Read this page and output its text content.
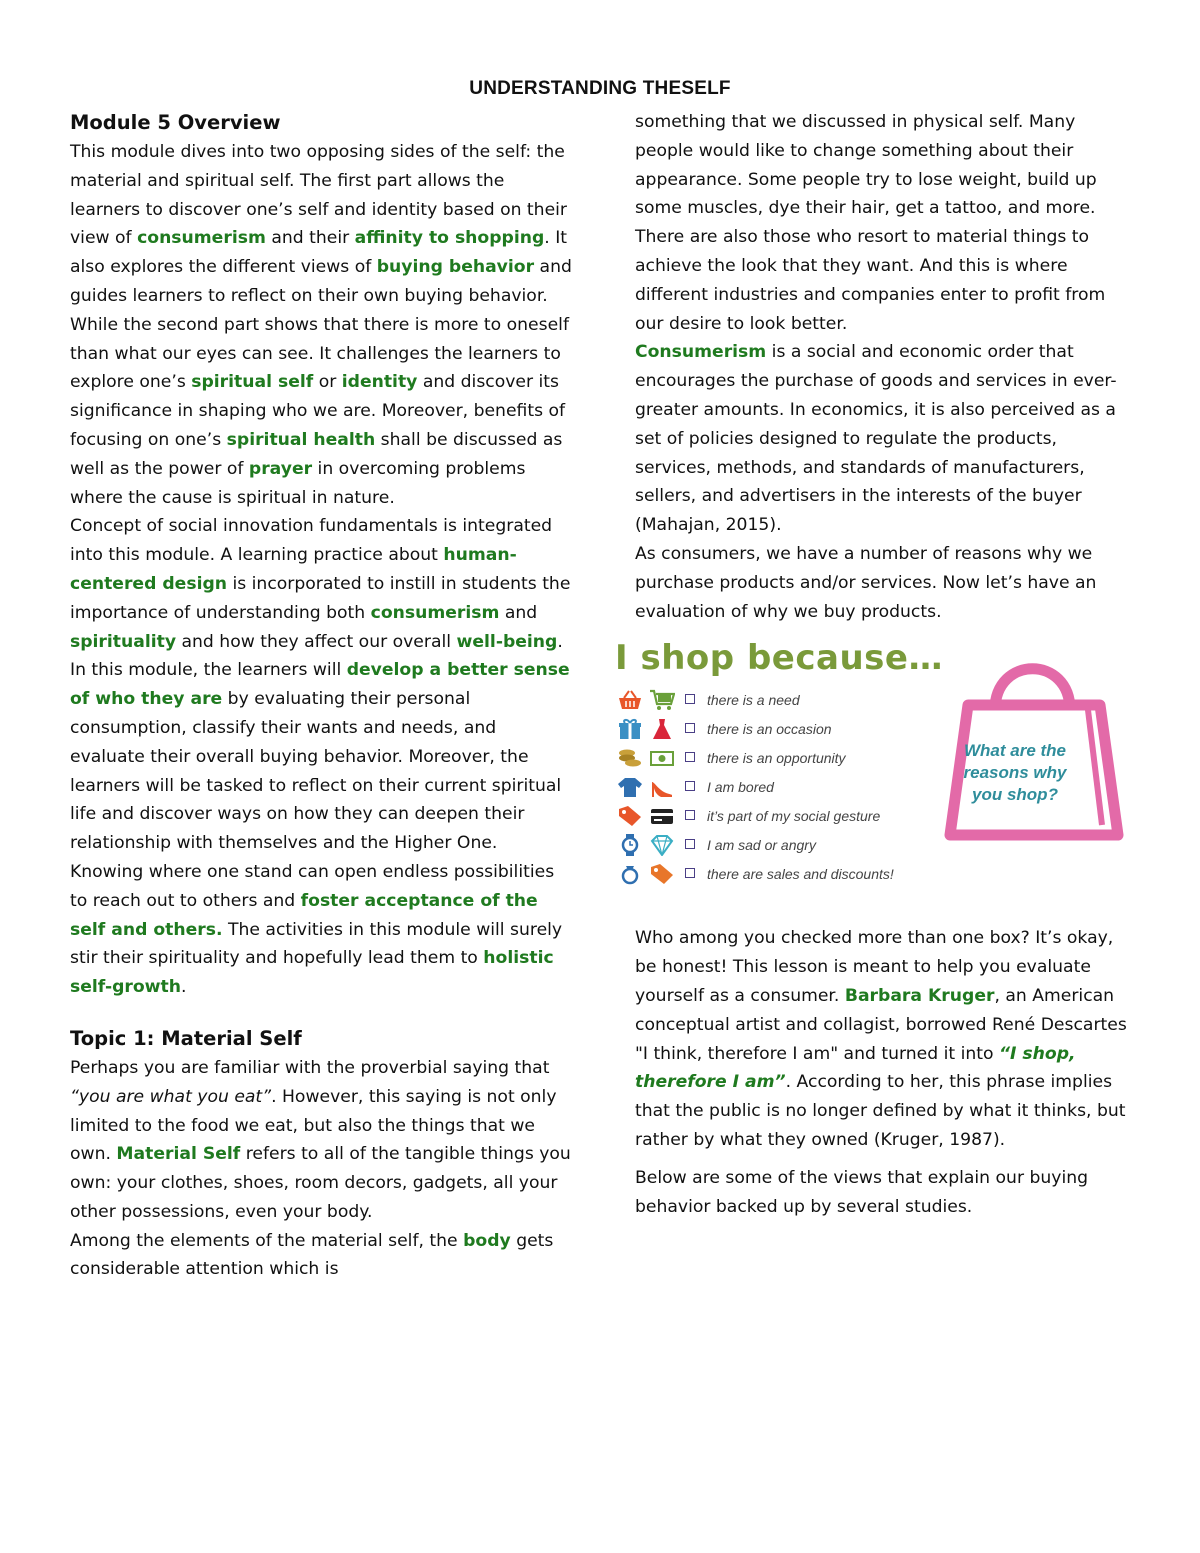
UNDERSTANDING THESELF
Module 5 Overview

This module dives into two opposing sides of the self: the material and spiritual self. The first part allows the learners to discover one’s self and identity based on their view of consumerism and their affinity to shopping. It also explores the different views of buying behavior and guides learners to reflect on their own buying behavior. While the second part shows that there is more to oneself than what our eyes can see. It challenges the learners to explore one’s spiritual self or identity and discover its significance in shaping who we are. Moreover, benefits of focusing on one’s spiritual health shall be discussed as well as the power of prayer in overcoming problems where the cause is spiritual in nature.

Concept of social innovation fundamentals is integrated into this module. A learning practice about human-centered design is incorporated to instill in students the importance of understanding both consumerism and spirituality and how they affect our overall well-being.

In this module, the learners will develop a better sense of who they are by evaluating their personal consumption, classify their wants and needs, and evaluate their overall buying behavior. Moreover, the learners will be tasked to reflect on their current spiritual life and discover ways on how they can deepen their relationship with themselves and the Higher One. Knowing where one stand can open endless possibilities to reach out to others and foster acceptance of the self and others. The activities in this module will surely stir their spirituality and hopefully lead them to holistic self-growth.

Topic 1: Material Self

Perhaps you are familiar with the proverbial saying that “you are what you eat”. However, this saying is not only limited to the food we eat, but also the things that we own. Material Self refers to all of the tangible things you own: your clothes, shoes, room decors, gadgets, all your other possessions, even your body.

Among the elements of the material self, the body gets considerable attention which is

something that we discussed in physical self. Many people would like to change something about their appearance. Some people try to lose weight, build up some muscles, dye their hair, get a tattoo, and more. There are also those who resort to material things to achieve the look that they want. And this is where different industries and companies enter to profit from our desire to look better.

Consumerism is a social and economic order that encourages the purchase of goods and services in ever-greater amounts. In economics, it is also perceived as a set of policies designed to regulate the products, services, methods, and standards of manufacturers, sellers, and advertisers in the interests of the buyer (Mahajan, 2015).

As consumers, we have a number of reasons why we purchase products and/or services. Now let’s have an evaluation of why we buy products.

I shop because…
there is a need
there is an occasion
there is an opportunity
I am bored
it’s part of my social gesture
I am sad or angry
there are sales and discounts!
What are the reasons why you shop?

Who among you checked more than one box? It’s okay, be honest! This lesson is meant to help you evaluate yourself as a consumer. Barbara Kruger, an American conceptual artist and collagist, borrowed René Descartes "I think, therefore I am" and turned it into “I shop, therefore I am”. According to her, this phrase implies that the public is no longer defined by what it thinks, but rather by what they owned (Kruger, 1987).

Below are some of the views that explain our buying behavior backed up by several studies.
